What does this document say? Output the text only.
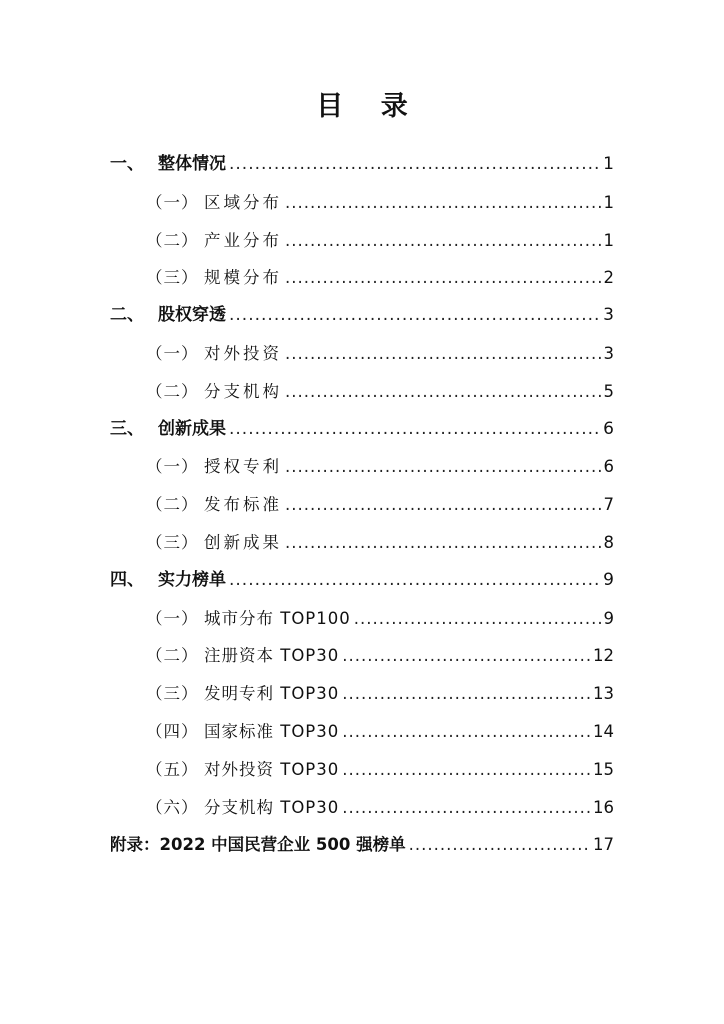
目 录
一、 整体情况 .....	1
（一） 区域分布 .....	1
（二） 产业分布 .....	1
（三） 规模分布 .....	2
二、 股权穿透 .....	3
（一） 对外投资 .....	3
（二） 分支机构 .....	5
三、 创新成果 .....	6
（一） 授权专利 .....	6
（二） 发布标准 .....	7
（三） 创新成果 .....	8
四、 实力榜单 .....	9
（一） 城市分布 TOP100 .....	9
（二） 注册资本 TOP30 .....	12
（三） 发明专利 TOP30 .....	13
（四） 国家标准 TOP30 .....	14
（五） 对外投资 TOP30 .....	15
（六） 分支机构 TOP30 .....	16
附录：2022 中国民营企业 500 强榜单 .....	17
